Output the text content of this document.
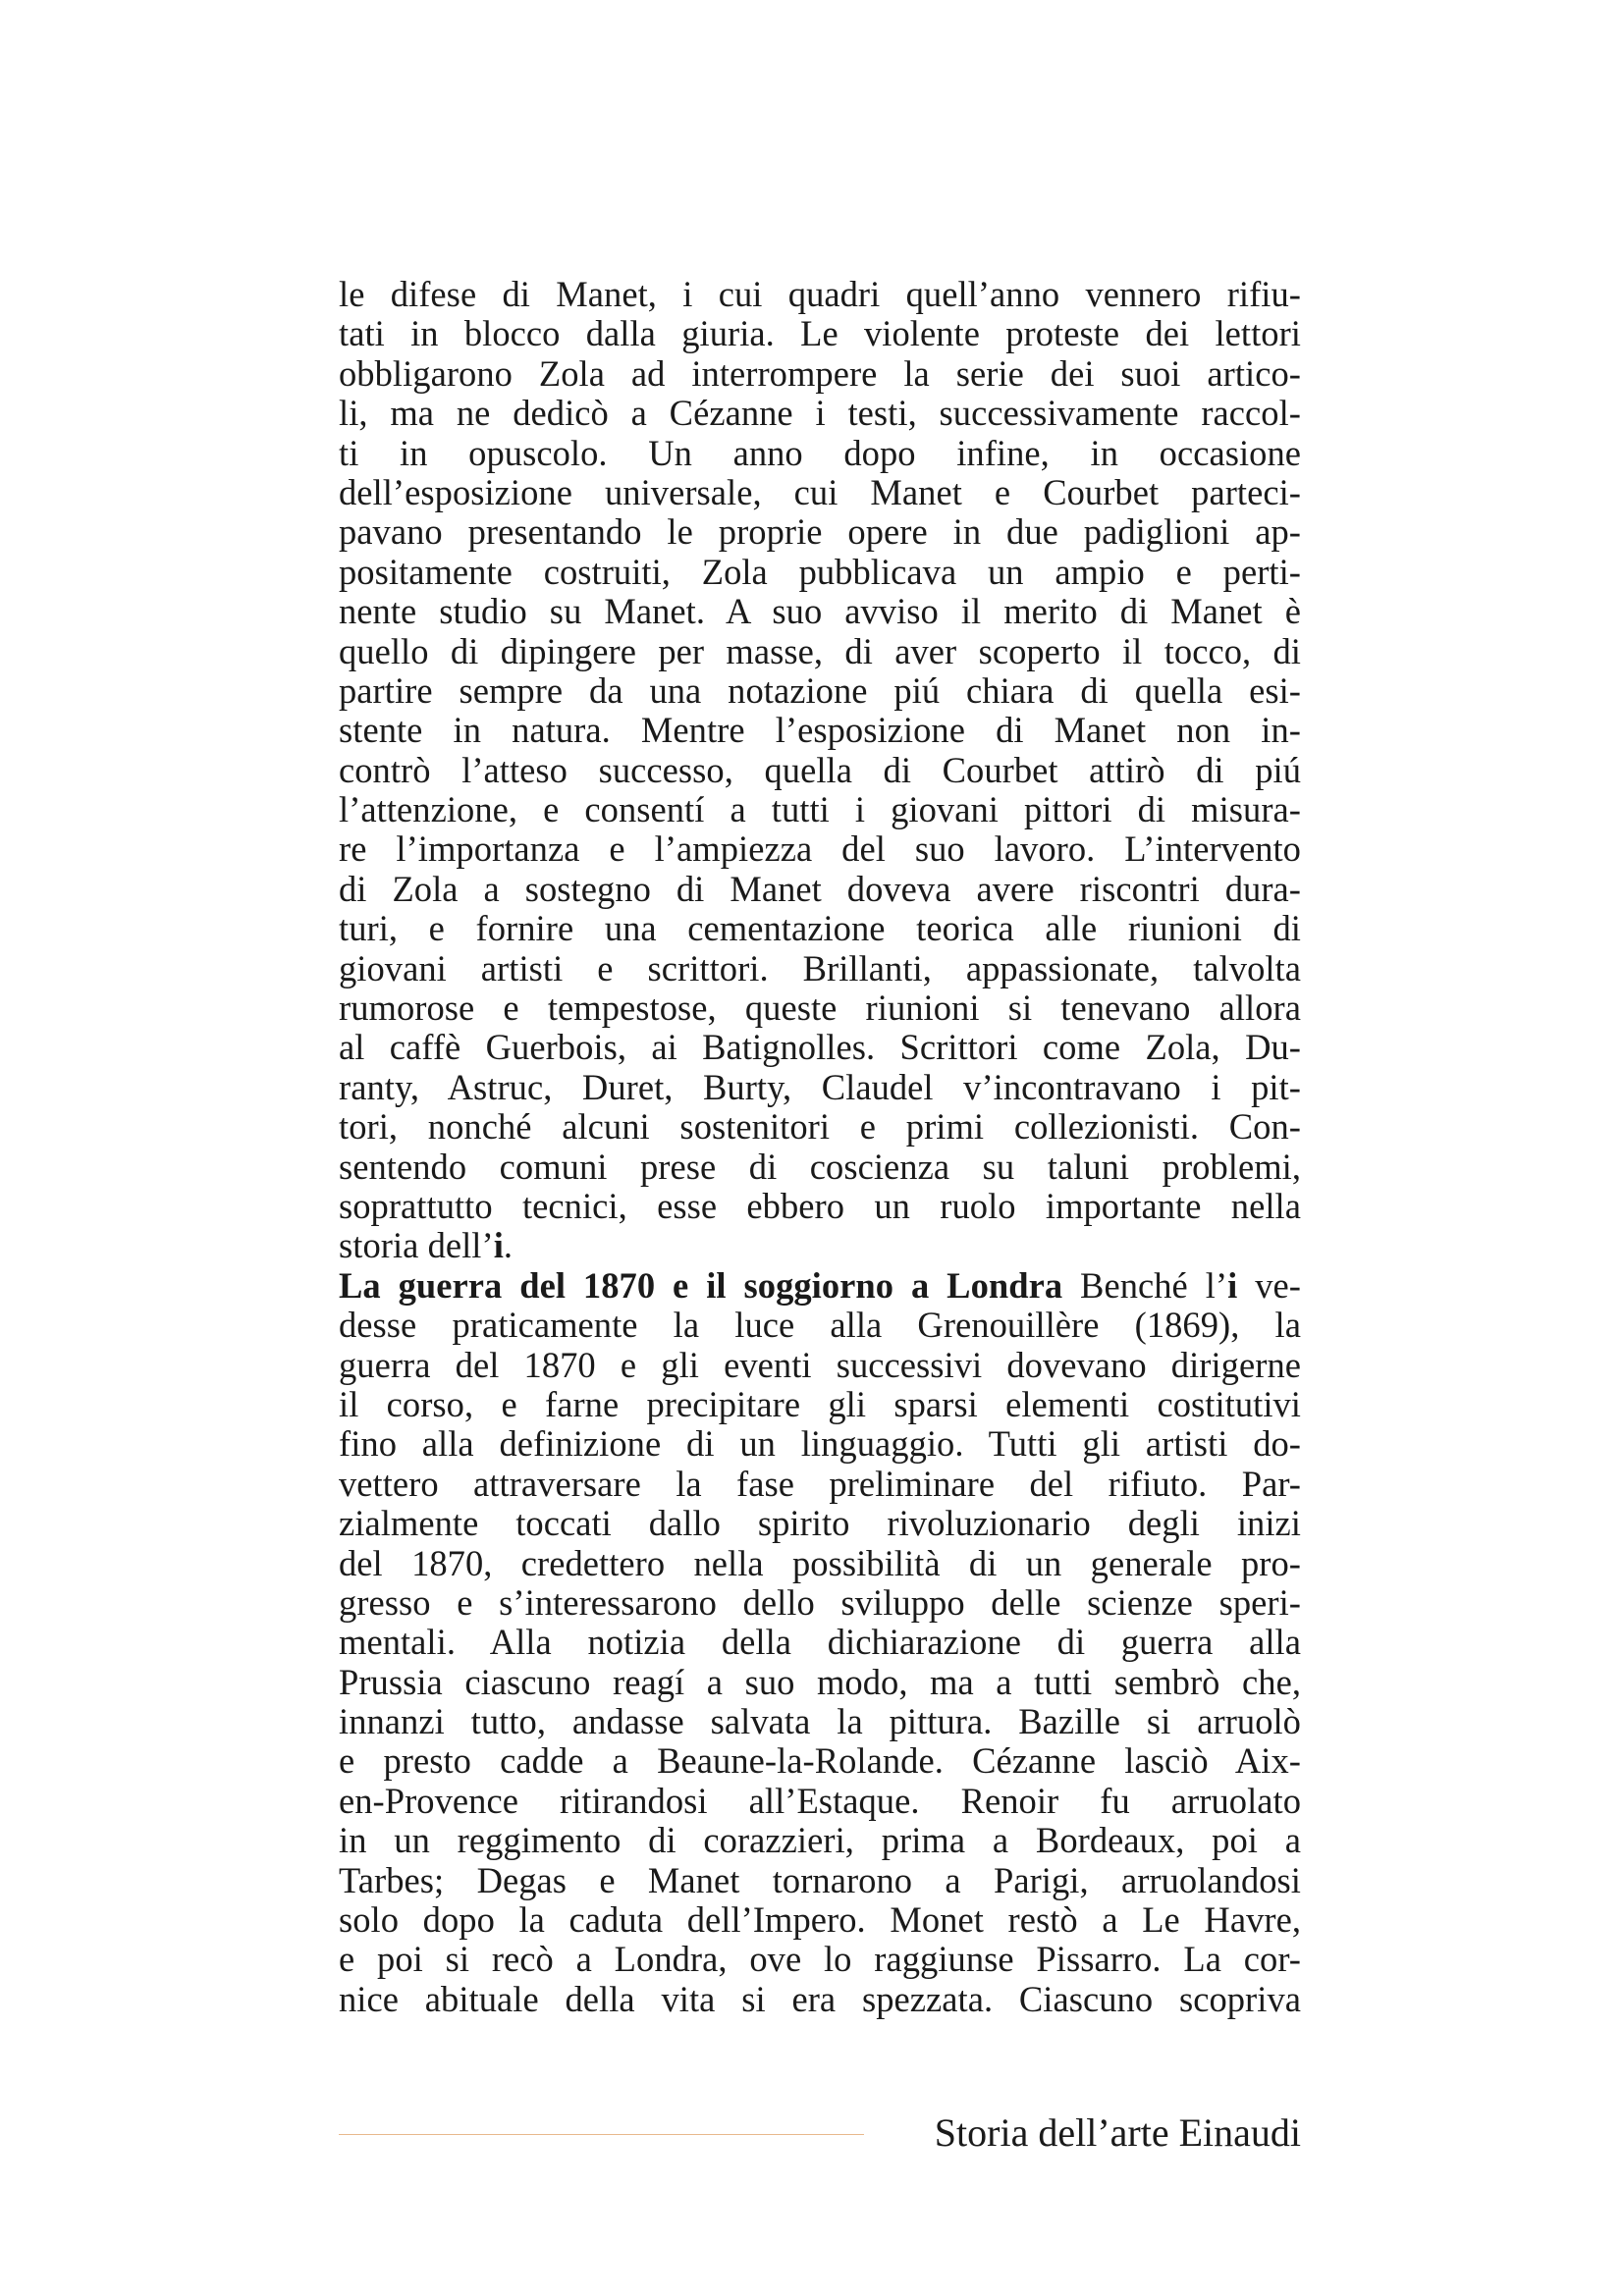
le difese di Manet, i cui quadri quell’anno vennero rifiu-
tati in blocco dalla giuria. Le violente proteste dei lettori
obbligarono Zola ad interrompere la serie dei suoi artico-
li, ma ne dedicò a Cézanne i testi, successivamente raccol-
ti in opuscolo. Un anno dopo infine, in occasione
dell’esposizione universale, cui Manet e Courbet parteci-
pavano presentando le proprie opere in due padiglioni ap-
positamente costruiti, Zola pubblicava un ampio e perti-
nente studio su Manet. A suo avviso il merito di Manet è
quello di dipingere per masse, di aver scoperto il tocco, di
partire sempre da una notazione piú chiara di quella esi-
stente in natura. Mentre l’esposizione di Manet non in-
contrò l’atteso successo, quella di Courbet attirò di piú
l’attenzione, e consentí a tutti i giovani pittori di misura-
re l’importanza e l’ampiezza del suo lavoro. L’intervento
di Zola a sostegno di Manet doveva avere riscontri dura-
turi, e fornire una cementazione teorica alle riunioni di
giovani artisti e scrittori. Brillanti, appassionate, talvolta
rumorose e tempestose, queste riunioni si tenevano allora
al caffè Guerbois, ai Batignolles. Scrittori come Zola, Du-
ranty, Astruc, Duret, Burty, Claudel v’incontravano i pit-
tori, nonché alcuni sostenitori e primi collezionisti. Con-
sentendo comuni prese di coscienza su taluni problemi,
soprattutto tecnici, esse ebbero un ruolo importante nella
storia dell’i.
La guerra del 1870 e il soggiorno a Londra Benché l’i ve-
desse praticamente la luce alla Grenouillère (1869), la
guerra del 1870 e gli eventi successivi dovevano dirigerne
il corso, e farne precipitare gli sparsi elementi costitutivi
fino alla definizione di un linguaggio. Tutti gli artisti do-
vettero attraversare la fase preliminare del rifiuto. Par-
zialmente toccati dallo spirito rivoluzionario degli inizi
del 1870, credettero nella possibilità di un generale pro-
gresso e s’interessarono dello sviluppo delle scienze speri-
mentali. Alla notizia della dichiarazione di guerra alla
Prussia ciascuno reagí a suo modo, ma a tutti sembrò che,
innanzi tutto, andasse salvata la pittura. Bazille si arruolò
e presto cadde a Beaune-la-Rolande. Cézanne lasciò Aix-
en-Provence ritirandosi all’Estaque. Renoir fu arruolato
in un reggimento di corazzieri, prima a Bordeaux, poi a
Tarbes; Degas e Manet tornarono a Parigi, arruolandosi
solo dopo la caduta dell’Impero. Monet restò a Le Havre,
e poi si recò a Londra, ove lo raggiunse Pissarro. La cor-
nice abituale della vita si era spezzata. Ciascuno scopriva
Storia dell’arte Einaudi
